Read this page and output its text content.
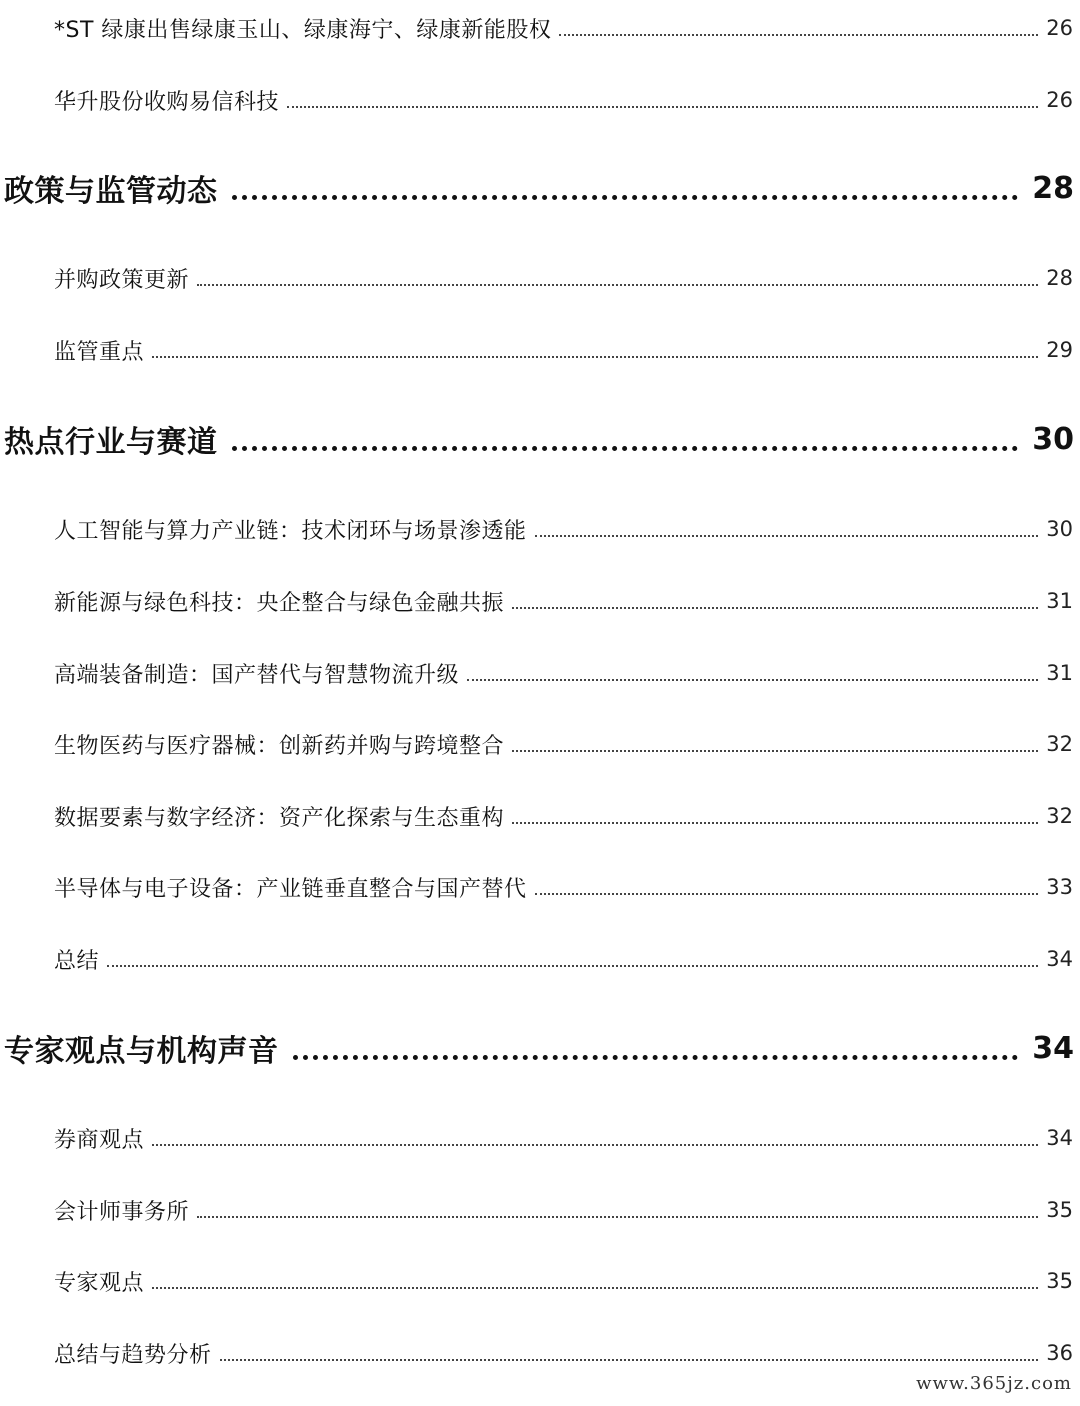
*ST 绿康出售绿康玉山、绿康海宁、绿康新能股权	26
华升股份收购易信科技	26
政策与监管动态	28
并购政策更新	28
监管重点	29
热点行业与赛道	30
人工智能与算力产业链：技术闭环与场景渗透能	30
新能源与绿色科技：央企整合与绿色金融共振	31
高端装备制造：国产替代与智慧物流升级	31
生物医药与医疗器械：创新药并购与跨境整合	32
数据要素与数字经济：资产化探索与生态重构	32
半导体与电子设备：产业链垂直整合与国产替代	33
总结	34
专家观点与机构声音	34
券商观点	34
会计师事务所	35
专家观点	35
总结与趋势分析	36
www.365jz.com
